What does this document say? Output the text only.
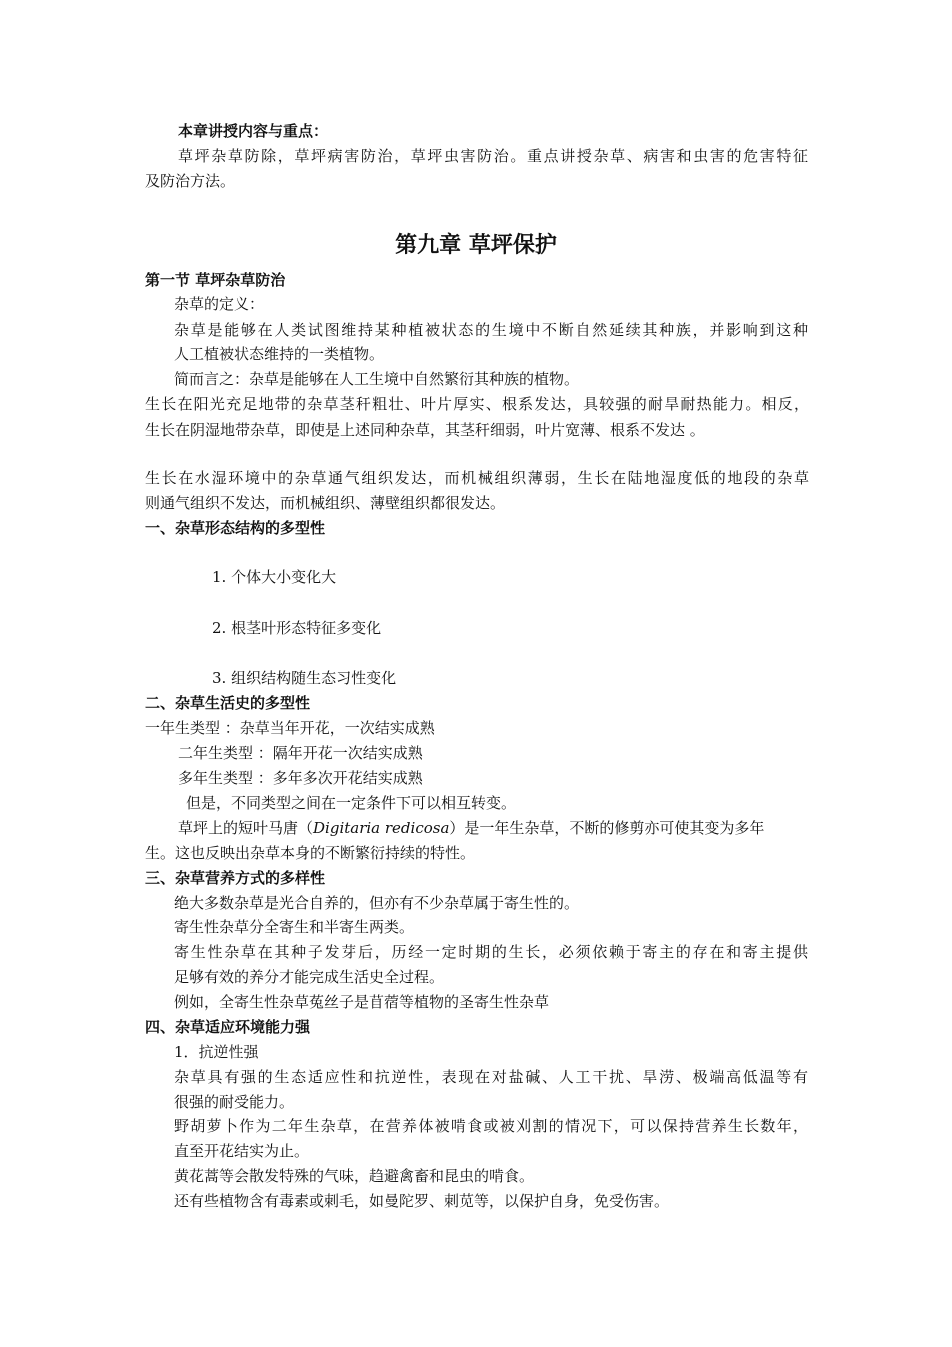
本章讲授内容与重点：
草坪杂草防除，草坪病害防治，草坪虫害防治。重点讲授杂草、病害和虫害的危害特征
及防治方法。
第九章 草坪保护
第一节 草坪杂草防治
杂草的定义：
杂草是能够在人类试图维持某种植被状态的生境中不断自然延续其种族，并影响到这种
人工植被状态维持的一类植物。
简而言之：杂草是能够在人工生境中自然繁衍其种族的植物。
生长在阳光充足地带的杂草茎秆粗壮、叶片厚实、根系发达，具较强的耐旱耐热能力。相反，
生长在阴湿地带杂草，即使是上述同种杂草，其茎秆细弱，叶片宽薄、根系不发达 。
生长在水湿环境中的杂草通气组织发达，而机械组织薄弱，生长在陆地湿度低的地段的杂草
则通气组织不发达，而机械组织、薄壁组织都很发达。
一、杂草形态结构的多型性
1. 个体大小变化大
2. 根茎叶形态特征多变化
3. 组织结构随生态习性变化
二、杂草生活史的多型性
一年生类型 ：杂草当年开花，一次结实成熟
二年生类型 ：隔年开花一次结实成熟
多年生类型 ：多年多次开花结实成熟
但是，不同类型之间在一定条件下可以相互转变。
草坪上的短叶马唐（Digitaria redicosa）是一年生杂草，不断的修剪亦可使其变为多年
生。这也反映出杂草本身的不断繁衍持续的特性。
三、杂草营养方式的多样性
绝大多数杂草是光合自养的，但亦有不少杂草属于寄生性的。
寄生性杂草分全寄生和半寄生两类。
寄生性杂草在其种子发芽后，历经一定时期的生长，必须依赖于寄主的存在和寄主提供
足够有效的养分才能完成生活史全过程。
例如，全寄生性杂草菟丝子是苜蓿等植物的圣寄生性杂草
四、杂草适应环境能力强
1．抗逆性强
杂草具有强的生态适应性和抗逆性，表现在对盐碱、人工干扰、旱涝、极端高低温等有
很强的耐受能力。
野胡萝卜作为二年生杂草，在营养体被啃食或被刈割的情况下，可以保持营养生长数年，
直至开花结实为止。
黄花蒿等会散发特殊的气味，趋避禽畜和昆虫的啃食。
还有些植物含有毒素或刺毛，如曼陀罗、刺苋等，以保护自身，免受伤害。
